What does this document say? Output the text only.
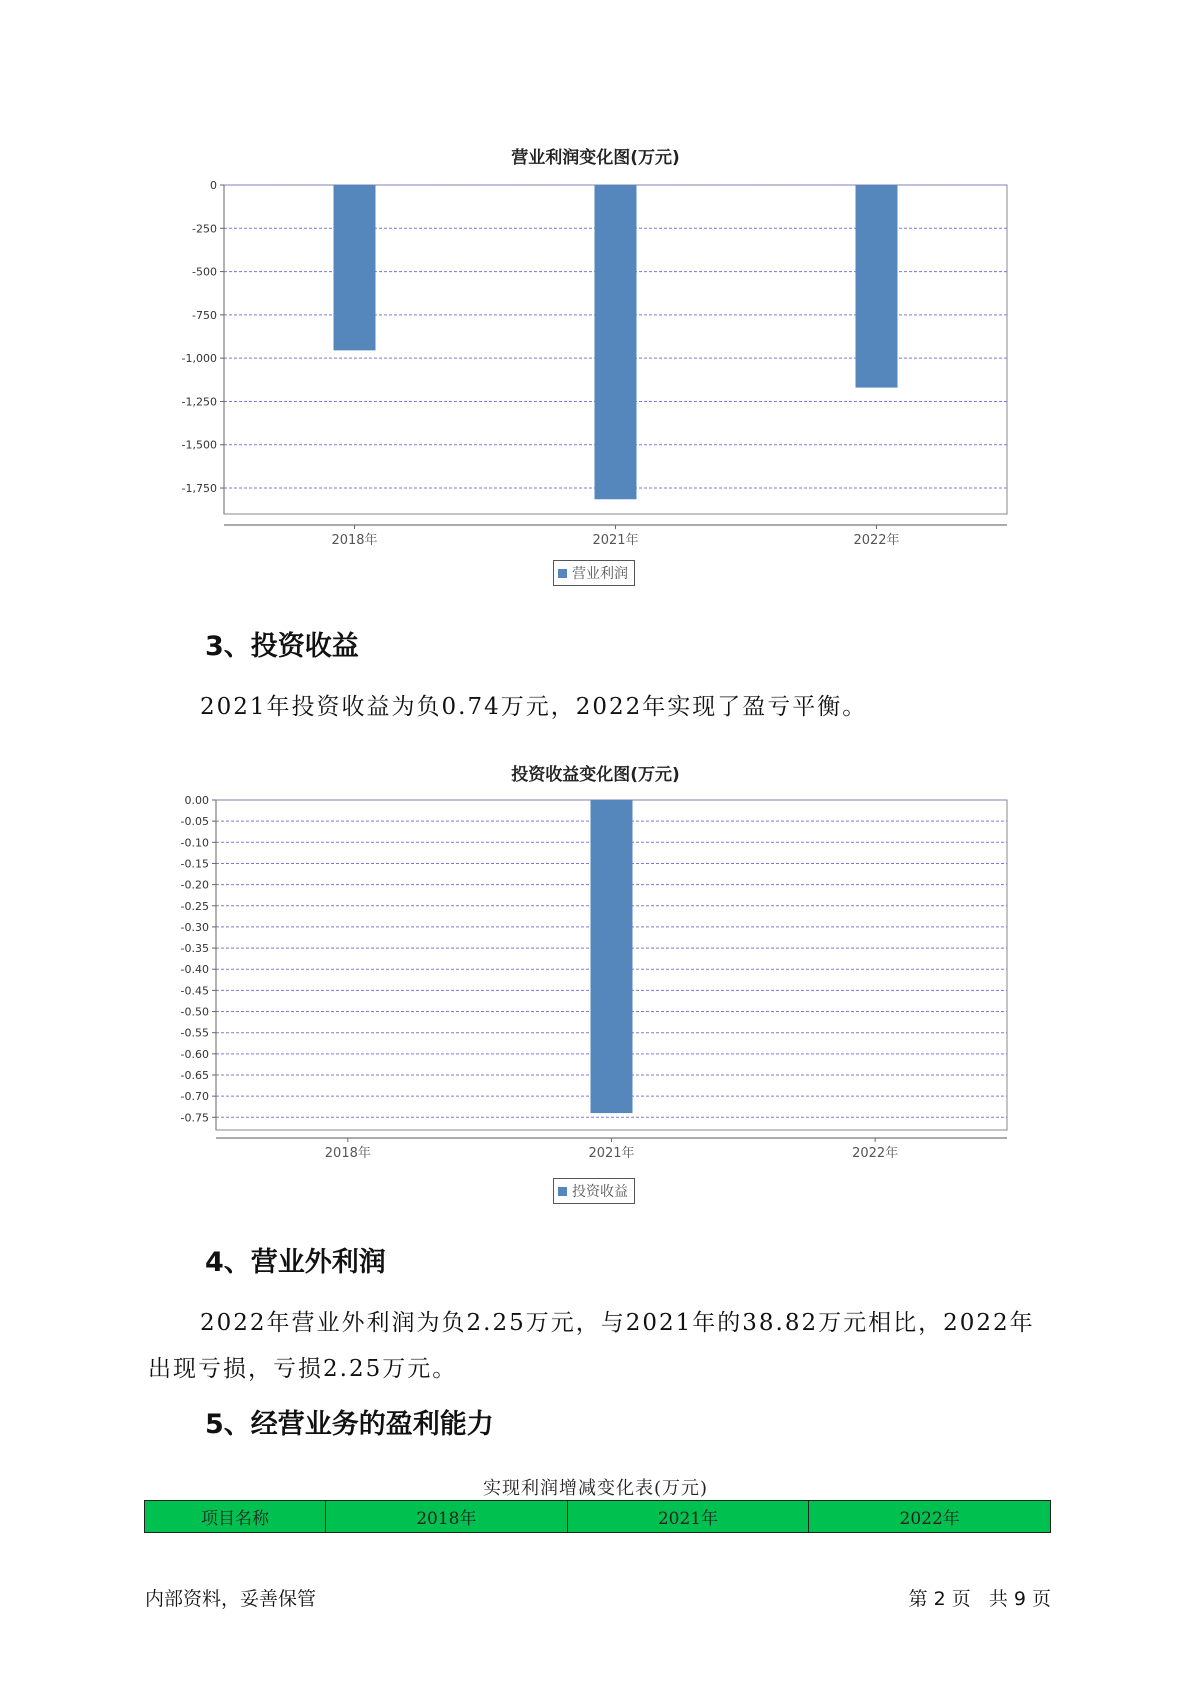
营业利润变化图(万元)
0
-250
-500
-750
-1,000
-1,250
-1,500
-1,750
2018年	2021年	2022年
营业利润
3、投资收益
2021年投资收益为负0.74万元，2022年实现了盈亏平衡。
投资收益变化图(万元)
0.00
-0.05
-0.10
-0.15
-0.20
-0.25
-0.30
-0.35
-0.40
-0.45
-0.50
-0.55
-0.60
-0.65
-0.70
-0.75
2018年	2021年	2022年
投资收益
4、营业外利润
2022年营业外利润为负2.25万元，与2021年的38.82万元相比，2022年
出现亏损，亏损2.25万元。
5、经营业务的盈利能力
实现利润增减变化表(万元)
项目名称	2018年	2021年	2022年
内部资料，妥善保管	第 2 页   共 9 页
